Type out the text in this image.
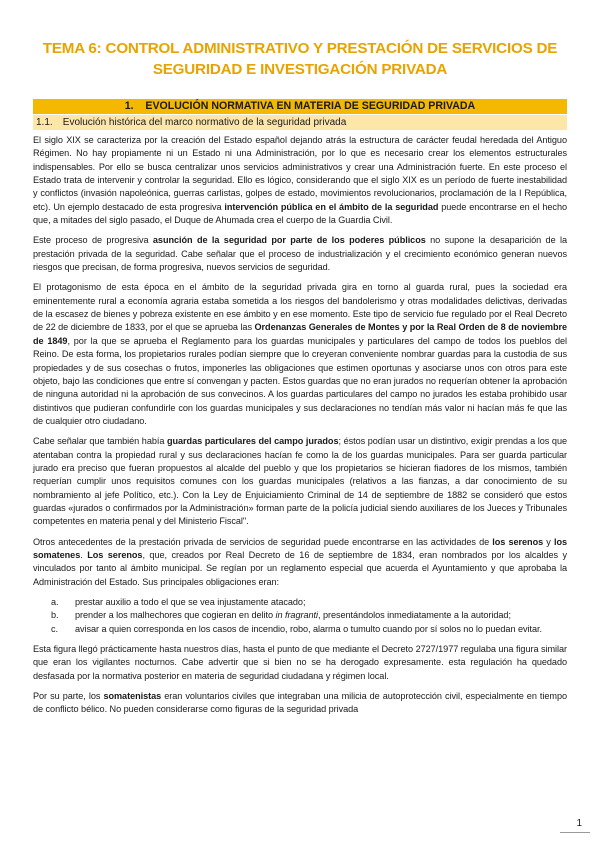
TEMA 6: CONTROL ADMINISTRATIVO Y PRESTACIÓN DE SERVICIOS DE
SEGURIDAD E INVESTIGACIÓN PRIVADA
1. EVOLUCIÓN NORMATIVA EN MATERIA DE SEGURIDAD PRIVADA
1.1. Evolución histórica del marco normativo de la seguridad privada

El siglo XIX se caracteriza por la creación del Estado español dejando atrás la estructura de carácter feudal heredada del Antiguo Régimen. No hay propiamente ni un Estado ni una Administración, por lo que es necesario crear los elementos estructurales indispensables. Por ello se busca centralizar unos servicios administrativos y crear una Administración fuerte. En este proceso el Estado trata de intervenir y controlar la seguridad. Ello es lógico, considerando que el siglo XIX es un período de fuerte inestabilidad y conflictos (invasión napoleónica, guerras carlistas, golpes de estado, movimientos revolucionarios, proclamación de la I República, etc). Un ejemplo destacado de esta progresiva intervención pública en el ámbito de la seguridad puede encontrarse en el hecho que, a mitades del siglo pasado, el Duque de Ahumada crea el cuerpo de la Guardia Civil.

Este proceso de progresiva asunción de la seguridad por parte de los poderes públicos no supone la desaparición de la prestación privada de la seguridad. Cabe señalar que el proceso de industrialización y el crecimiento económico generan nuevos riesgos que precisan, de forma progresiva, nuevos servicios de seguridad.

El protagonismo de esta época en el ámbito de la seguridad privada gira en torno al guarda rural, pues la sociedad era eminentemente rural a economía agraria estaba sometida a los riesgos del bandolerismo y otras modalidades delictivas, derivadas de la escasez de bienes y pobreza existente en ese ámbito y en ese momento. Este tipo de servicio fue regulado por el Real Decreto de 22 de diciembre de 1833, por el que se aprueba las Ordenanzas Generales de Montes y por la Real Orden de 8 de noviembre de 1849, por la que se aprueba el Reglamento para los guardas municipales y particulares del campo de todos los pueblos del Reino. De esta forma, los propietarios rurales podían siempre que lo creyeran conveniente nombrar guardas para la custodia de sus propiedades y de sus cosechas o frutos, imponerles las obligaciones que estimen oportunas y asociarse unos con otros para este objeto, bajo las condiciones que entre sí convengan y pacten. Estos guardas que no eran jurados no requerían obtener la aprobación de ninguna autoridad ni la aprobación de sus convecinos. A los guardas particulares del campo no jurados les estaba prohibido usar distintivos que pudieran confundirle con los guardas municipales y sus declaraciones no tendían más valor ni hacían más fe que las de cualquier otro ciudadano.

Cabe señalar que también había guardas particulares del campo jurados; éstos podían usar un distintivo, exigir prendas a los que atentaban contra la propiedad rural y sus declaraciones hacían fe como la de los guardas municipales. Para ser guarda particular jurado era preciso que fueran propuestos al alcalde del pueblo y que los propietarios se hicieran fiadores de los mismos, también requerían cumplir unos requisitos comunes con los guardas municipales (relativos a las fianzas, a dar conocimiento de su nombramiento al jefe Político, etc.). Con la Ley de Enjuiciamiento Criminal de 14 de septiembre de 1882 se consideró que estos guardas «jurados o confirmados por la Administración» forman parte de la policía judicial siendo auxiliares de los Jueces y Tribunales competentes en materia penal y del Ministerio Fiscal".

Otros antecedentes de la prestación privada de servicios de seguridad puede encontrarse en las actividades de los serenos y los somatenes. Los serenos, que, creados por Real Decreto de 16 de septiembre de 1834, eran nombrados por los alcaldes y vinculados por tanto al ámbito municipal. Se regían por un reglamento especial que acuerda el Ayuntamiento y que aprobaba la Administración del Estado. Sus principales obligaciones eran:

a. prestar auxilio a todo el que se vea injustamente atacado;
b. prender a los malhechores que cogieran en delito in fragranti, presentándolos inmediatamente a la autoridad;
c. avisar a quien corresponda en los casos de incendio, robo, alarma o tumulto cuando por sí solos no lo puedan evitar.

Esta figura llegó prácticamente hasta nuestros días, hasta el punto de que mediante el Decreto 2727/1977 regulaba una figura similar que eran los vigilantes nocturnos. Cabe advertir que si bien no se ha derogado expresamente. esta regulación ha quedado desfasada por la normativa posterior en materia de seguridad ciudadana y régimen local.

Por su parte, los somatenistas eran voluntarios civiles que integraban una milicia de autoprotección civil, especialmente en tiempo de conflicto bélico. No pueden considerarse como figuras de la seguridad privada

1
